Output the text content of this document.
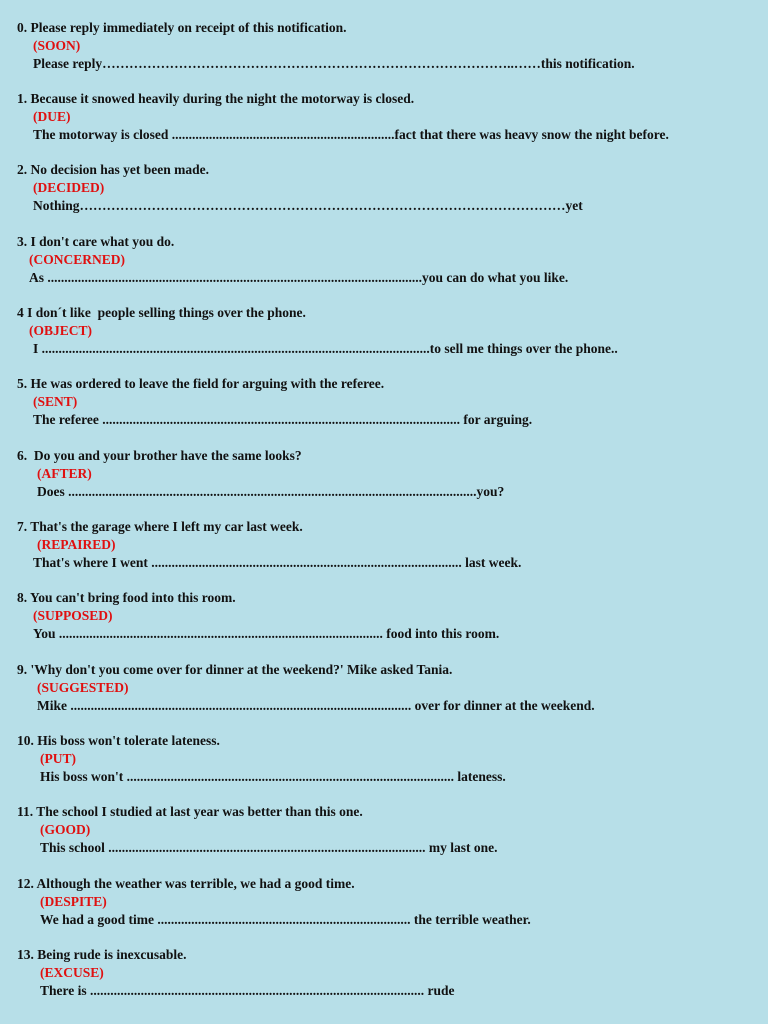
0. Please reply immediately on receipt of this notification.
(SOON)
Please reply………………………………………………………………………………..……this notification.
1. Because it snowed heavily during the night the motorway is closed.
(DUE)
The motorway is closed ..................................................................fact that there was heavy snow the night before.
2. No decision has yet been made.
(DECIDED)
Nothing………………………………………………………………………………………………yet
3. I don't care what you do.
(CONCERNED)
As ...............................................................................................................you can do what you like.
4 I don´t like  people selling things over the phone.
(OBJECT)
I ...................................................................................................................to sell me things over the phone..
5. He was ordered to leave the field for arguing with the referee.
(SENT)
The referee .......................................................................................................... for arguing.
6.  Do you and your brother have the same looks?
(AFTER)
Does .........................................................................................................................you?
7. That's the garage where I left my car last week.
(REPAIRED)
That's where I went ............................................................................................ last week.
8. You can't bring food into this room.
(SUPPOSED)
You ................................................................................................ food into this room.
9. 'Why don't you come over for dinner at the weekend?' Mike asked Tania.
(SUGGESTED)
Mike ..................................................................................................... over for dinner at the weekend.
10. His boss won't tolerate lateness.
(PUT)
His boss won't ................................................................................................. lateness.
11. The school I studied at last year was better than this one.
(GOOD)
This school .............................................................................................. my last one.
12. Although the weather was terrible, we had a good time.
(DESPITE)
We had a good time ........................................................................... the terrible weather.
13. Being rude is inexcusable.
(EXCUSE)
There is ................................................................................................... rude
